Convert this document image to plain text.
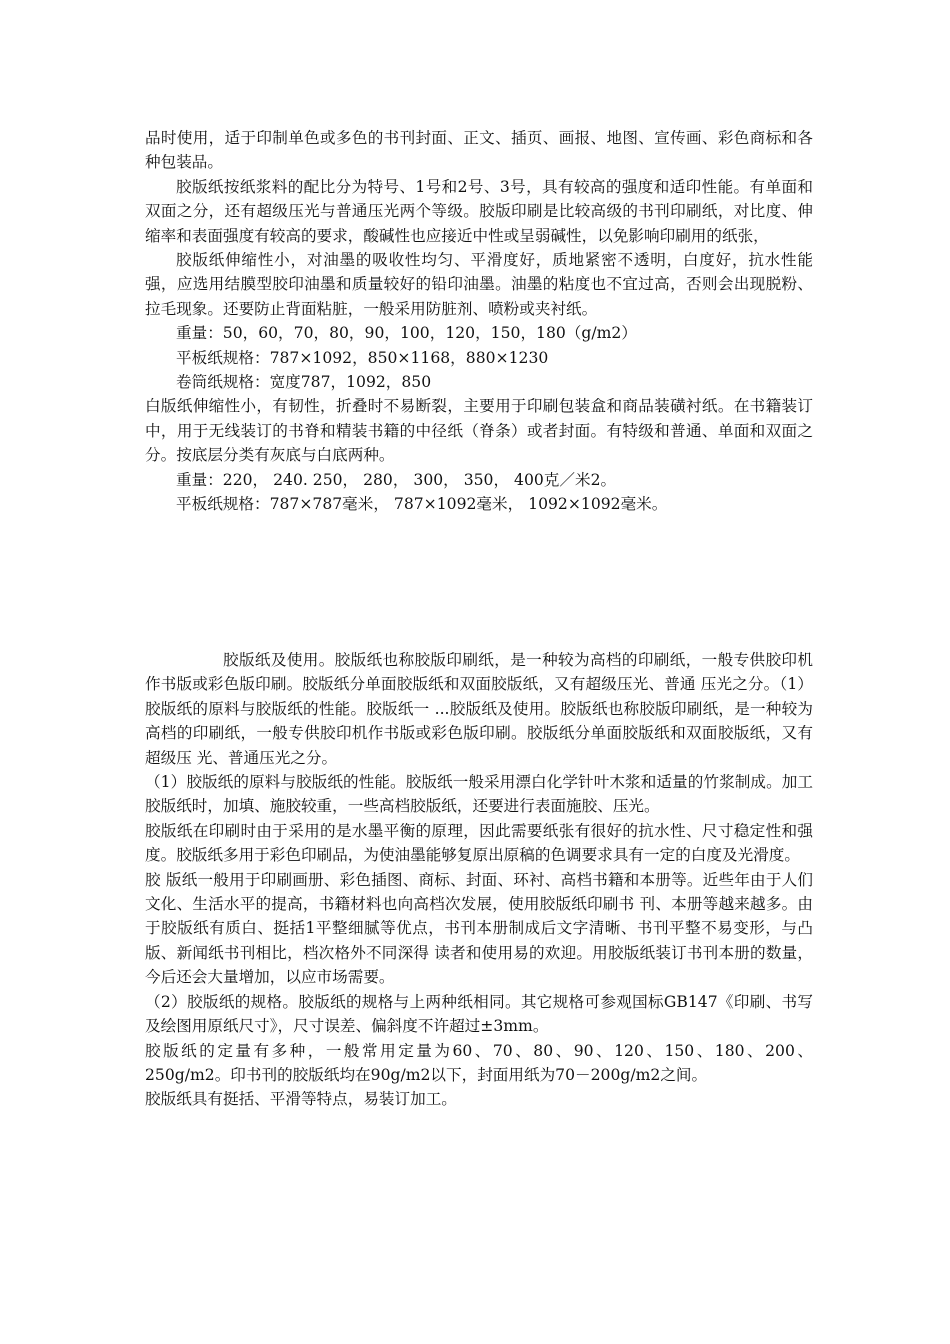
品时使用，适于印制单色或多色的书刊封面、正文、插页、画报、地图、宣传画、彩色商标和各种包装品。

胶版纸按纸浆料的配比分为特号、1号和2号、3号，具有较高的强度和适印性能。有单面和双面之分，还有超级压光与普通压光两个等级。胶版印刷是比较高级的书刊印刷纸，对比度、伸缩率和表面强度有较高的要求，酸碱性也应接近中性或呈弱碱性，以免影响印刷用的纸张，

胶版纸伸缩性小，对油墨的吸收性均匀、平滑度好，质地紧密不透明，白度好，抗水性能强，应选用结膜型胶印油墨和质量较好的铅印油墨。油墨的粘度也不宜过高，否则会出现脱粉、拉毛现象。还要防止背面粘脏，一般采用防脏剂、喷粉或夹衬纸。

重量：50，60，70，80，90，100，120，150，180（g/m2）

平板纸规格：787×1092，850×1168，880×1230

卷筒纸规格：宽度787，1092，850

白版纸伸缩性小，有韧性，折叠时不易断裂，主要用于印刷包装盒和商品装磺衬纸。在书籍装订中，用于无线装订的书脊和精装书籍的中径纸（脊条）或者封面。有特级和普通、单面和双面之分。按底层分类有灰底与白底两种。

重量：220， 240. 250， 280， 300， 350， 400克／米2。

平板纸规格：787×787毫米， 787×1092毫米， 1092×1092毫米。

胶版纸及使用。胶版纸也称胶版印刷纸，是一种较为高档的印刷纸，一般专供胶印机作书版或彩色版印刷。胶版纸分单面胶版纸和双面胶版纸，又有超级压光、普通 压光之分。（1）胶版纸的原料与胶版纸的性能。胶版纸一 ...胶版纸及使用。胶版纸也称胶版印刷纸，是一种较为高档的印刷纸，一般专供胶印机作书版或彩色版印刷。胶版纸分单面胶版纸和双面胶版纸，又有超级压 光、普通压光之分。

（1）胶版纸的原料与胶版纸的性能。胶版纸一般采用漂白化学针叶木浆和适量的竹浆制成。加工胶版纸时，加填、施胶较重，一些高档胶版纸，还要进行表面施胶、压光。

胶版纸在印刷时由于采用的是水墨平衡的原理，因此需要纸张有很好的抗水性、尺寸稳定性和强度。胶版纸多用于彩色印刷品，为使油墨能够复原出原稿的色调要求具有一定的白度及光滑度。

胶 版纸一般用于印刷画册、彩色插图、商标、封面、环衬、高档书籍和本册等。近些年由于人们文化、生活水平的提高，书籍材料也向高档次发展，使用胶版纸印刷书 刊、本册等越来越多。由于胶版纸有质白、挺括1平整细腻等优点，书刊本册制成后文字清晰、书刊平整不易变形，与凸版、新闻纸书刊相比，档次格外不同深得 读者和使用易的欢迎。用胶版纸装订书刊本册的数量，今后还会大量增加，以应市场需要。

（2）胶版纸的规格。胶版纸的规格与上两种纸相同。其它规格可参观国标GB147《印刷、书写及绘图用原纸尺寸》，尺寸误差、偏斜度不许超过±3mm。

胶版纸的定量有多种，一般常用定量为60、70、80、90、120、150、180、200、250g/m2。印书刊的胶版纸均在90g/m2以下，封面用纸为70－200g/m2之间。

胶版纸具有挺括、平滑等特点，易装订加工。
